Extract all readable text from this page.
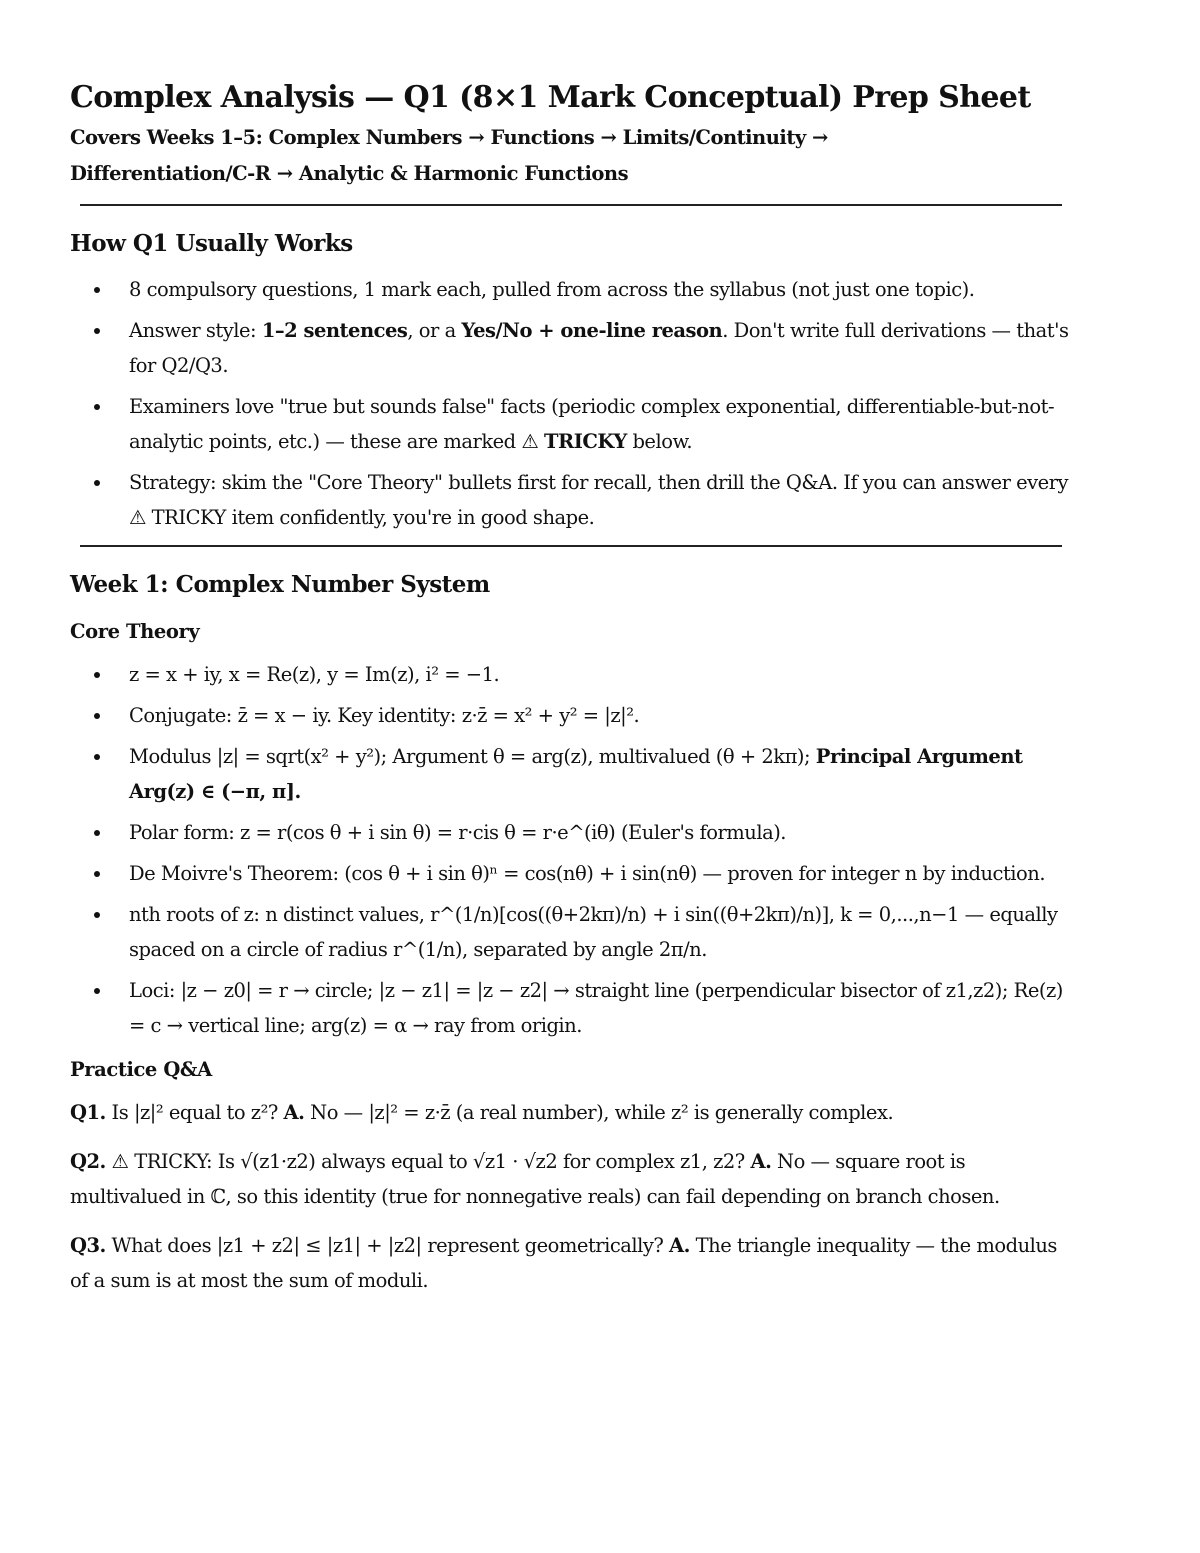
Complex Analysis — Q1 (8×1 Mark Conceptual) Prep Sheet
Covers Weeks 1–5: Complex Numbers → Functions → Limits/Continuity →
Differentiation/C-R → Analytic & Harmonic Functions
How Q1 Usually Works
8 compulsory questions, 1 mark each, pulled from across the syllabus (not just one topic).
Answer style: 1–2 sentences, or a Yes/No + one-line reason. Don't write full derivations — that's for Q2/Q3.
Examiners love "true but sounds false" facts (periodic complex exponential, differentiable-but-not-analytic points, etc.) — these are marked ⚠ TRICKY below.
Strategy: skim the "Core Theory" bullets first for recall, then drill the Q&A. If you can answer every ⚠ TRICKY item confidently, you're in good shape.
Week 1: Complex Number System
Core Theory
z = x + iy, x = Re(z), y = Im(z), i² = −1.
Conjugate: z̄ = x − iy. Key identity: z·z̄ = x² + y² = |z|².
Modulus |z| = sqrt(x² + y²); Argument θ = arg(z), multivalued (θ + 2kπ); Principal Argument Arg(z) ∈ (−π, π].
Polar form: z = r(cos θ + i sin θ) = r·cis θ = r·e^(iθ) (Euler's formula).
De Moivre's Theorem: (cos θ + i sin θ)ⁿ = cos(nθ) + i sin(nθ) — proven for integer n by induction.
nth roots of z: n distinct values, r^(1/n)[cos((θ+2kπ)/n) + i sin((θ+2kπ)/n)], k = 0,...,n−1 — equally spaced on a circle of radius r^(1/n), separated by angle 2π/n.
Loci: |z − z0| = r → circle; |z − z1| = |z − z2| → straight line (perpendicular bisector of z1,z2); Re(z) = c → vertical line; arg(z) = α → ray from origin.
Practice Q&A

Q1. Is |z|² equal to z²? A. No — |z|² = z·z̄ (a real number), while z² is generally complex.

Q2. ⚠ TRICKY: Is √(z1·z2) always equal to √z1 · √z2 for complex z1, z2? A. No — square root is multivalued in ℂ, so this identity (true for nonnegative reals) can fail depending on branch chosen.

Q3. What does |z1 + z2| ≤ |z1| + |z2| represent geometrically? A. The triangle inequality — the modulus of a sum is at most the sum of moduli.
